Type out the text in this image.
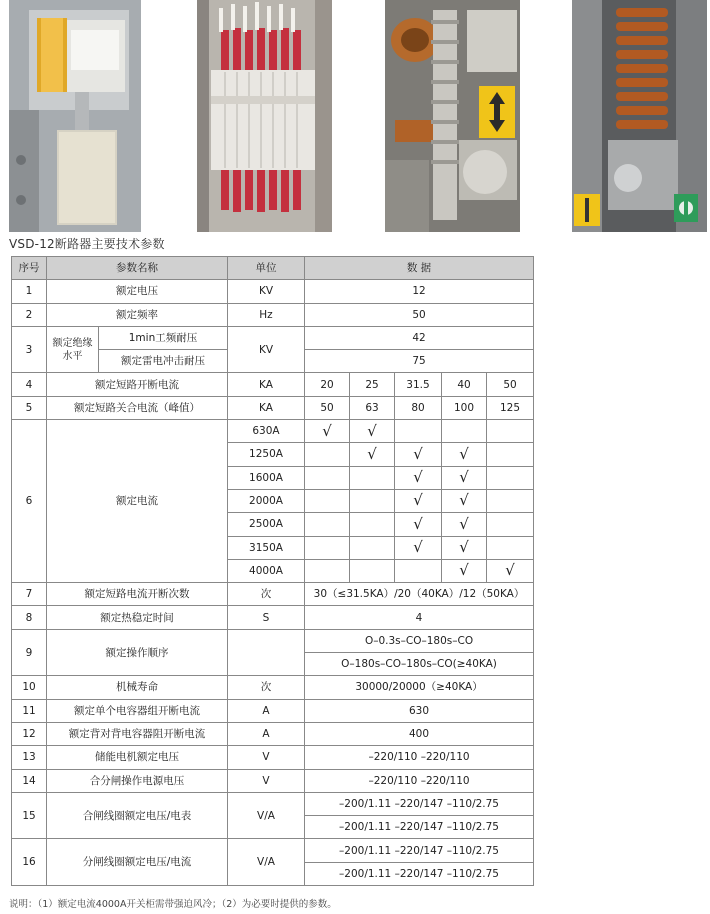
VSD-12断路器主要技术参数
序号	参数名称		单位	数 据				
1	额定电压		KV	12				
2	额定频率		Hz	50				
3	额定绝缘水平	1min工频耐压	KV	42				
		额定雷电冲击耐压		75				
4	额定短路开断电流		KA	20	25	31.5	40	50
5	额定短路关合电流（峰值）		KA	50	63	80	100	125
6	额定电流		630A	√	√			
			1250A		√	√	√	
			1600A			√	√	
			2000A			√	√	
			2500A			√	√	
			3150A			√	√	
			4000A				√	√
7	额定短路电流开断次数		次	30（≤31.5KA）/20（40KA）/12（50KA）				
8	额定热稳定时间		S	4				
9	额定操作顺序			O–0.3s–CO–180s–CO				
				O–180s–CO–180s–CO(≥40KA)				
10	机械寿命		次	30000/20000（≥40KA）				
11	额定单个电容器组开断电流		A	630				
12	额定背对背电容器阻开断电流		A	400				
13	储能电机额定电压		V	–220/110 –220/110				
14	合分闸操作电源电压		V	–220/110 –220/110				
15	合闸线圈额定电压/电表		V/A	–200/1.11 –220/147 –110/2.75				
				–200/1.11 –220/147 –110/2.75				
16	分闸线圈额定电压/电流		V/A	–200/1.11 –220/147 –110/2.75				
				–200/1.11 –220/147 –110/2.75				
说明：（1）额定电流4000A开关柜需带强迫风冷；（2）为必要时提供的参数。
